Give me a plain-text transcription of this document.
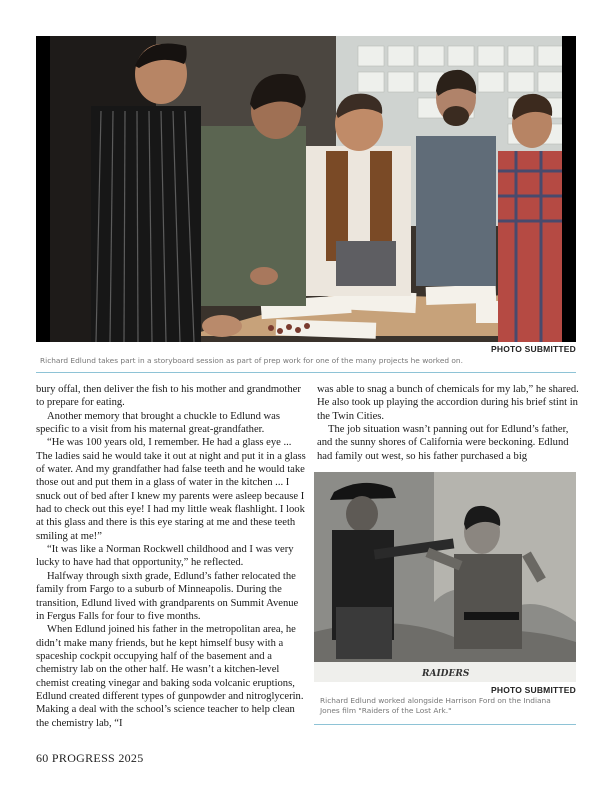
PHOTO SUBMITTED
Richard Edlund takes part in a storyboard session as part of prep work for one of the many projects he worked on.

bury offal, then deliver the fish to his mother and grandmother to prepare for eating.

Another memory that brought a chuckle to Edlund was specific to a visit from his maternal great-grandfather.

“He was 100 years old, I remember. He had a glass eye ... The ladies said he would take it out at night and put it in a glass of water. And my grandfather had false teeth and he would take those out and put them in a glass of water in the kitchen ... I snuck out of bed after I knew my parents were asleep because I had to check out this eye! I had my little weak flashlight. I look at this glass and there is this eye staring at me and these teeth smiling at me!”

“It was like a Norman Rockwell childhood and I was very lucky to have had that opportunity,” he reflected.

Halfway through sixth grade, Edlund’s father relocated the family from Fargo to a suburb of Minneapolis. During the transition, Edlund lived with grandparents on Summit Avenue in Fergus Falls for four to five months.

When Edlund joined his father in the metropolitan area, he didn’t make many friends, but he kept himself busy with a spaceship cockpit occupying half of the basement and a chemistry lab on the other half. He wasn’t a kitchen-level chemist creating vinegar and baking soda volcanic eruptions, Edlund created different types of gunpowder and nitroglycerin. Making a deal with the school’s science teacher to help clean the chemistry lab, “I

was able to snag a bunch of chemicals for my lab,” he shared. He also took up playing the accordion during his brief stint in the Twin Cities.

The job situation wasn’t panning out for Edlund’s father, and the sunny shores of California were beckoning. Edlund had family out west, so his father purchased a big

RAIDERS
PHOTO SUBMITTED
Richard Edlund worked alongside Harrison Ford on the Indiana
Jones film "Raiders of the Lost Ark."
60 PROGRESS 2025
